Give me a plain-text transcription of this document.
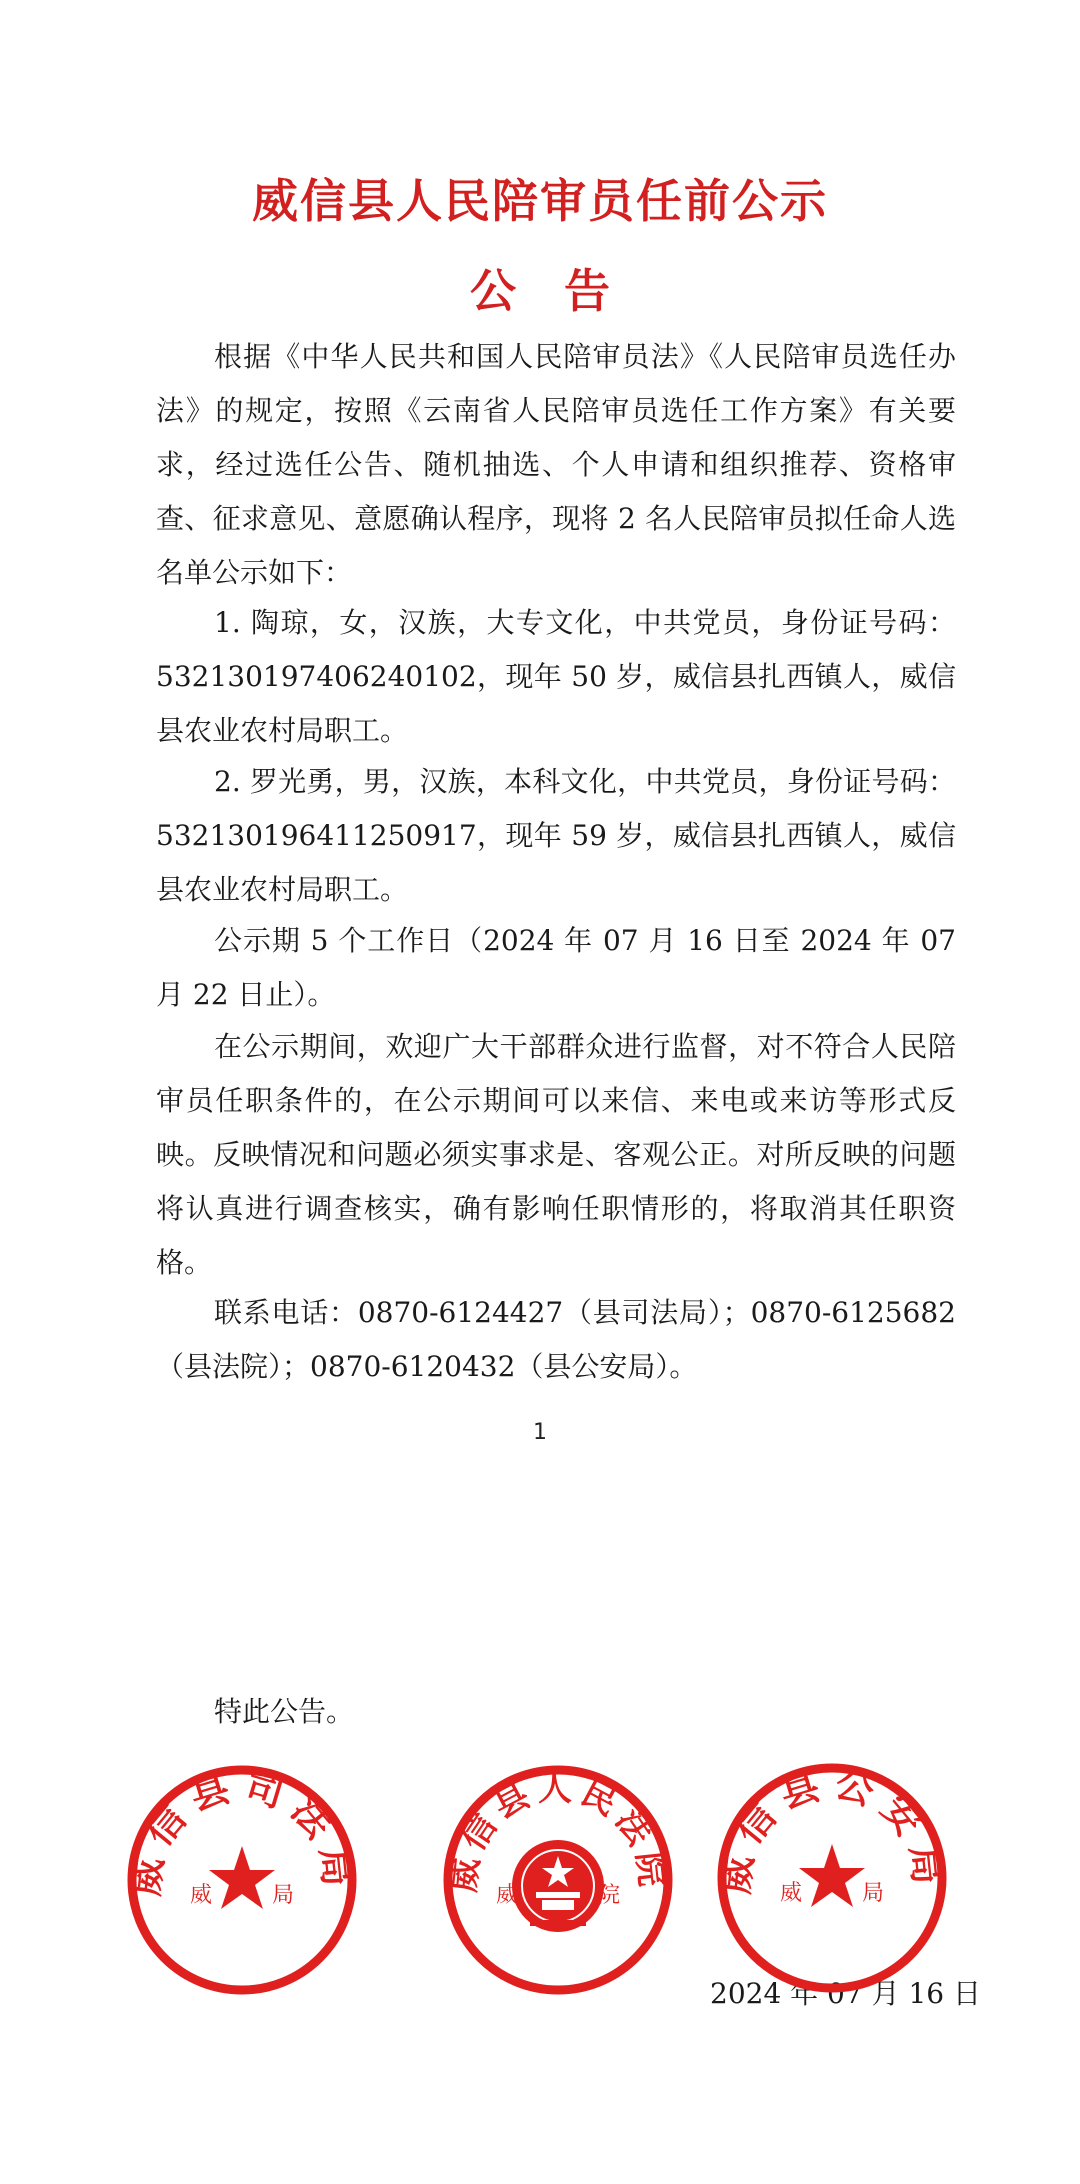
威信县人民陪审员任前公示
公告

根据《中华人民共和国人民陪审员法》《人民陪审员选任办法》的规定，按照《云南省人民陪审员选任工作方案》有关要求，经过选任公告、随机抽选、个人申请和组织推荐、资格审查、征求意见、意愿确认程序，现将 2 名人民陪审员拟任命人选名单公示如下：

1. 陶琼，女，汉族，大专文化，中共党员，身份证号码：532130197406240102，现年 50 岁，威信县扎西镇人，威信县农业农村局职工。

2. 罗光勇，男，汉族，本科文化，中共党员，身份证号码：532130196411250917，现年 59 岁，威信县扎西镇人，威信县农业农村局职工。

公示期 5 个工作日（2024 年 07 月 16 日至 2024 年 07 月 22 日止）。

在公示期间，欢迎广大干部群众进行监督，对不符合人民陪审员任职条件的，在公示期间可以来信、来电或来访等形式反映。反映情况和问题必须实事求是、客观公正。对所反映的问题将认真进行调查核实，确有影响任职情形的，将取消其任职资格。

联系电话：0870-6124427（县司法局）；0870-6125682（县法院）；0870-6120432（县公安局）。

1
特此公告。
2024 年 07 月 16 日
威信县司法局
威	局
威信县人民法院
威	院 威信县公安局
威	局
